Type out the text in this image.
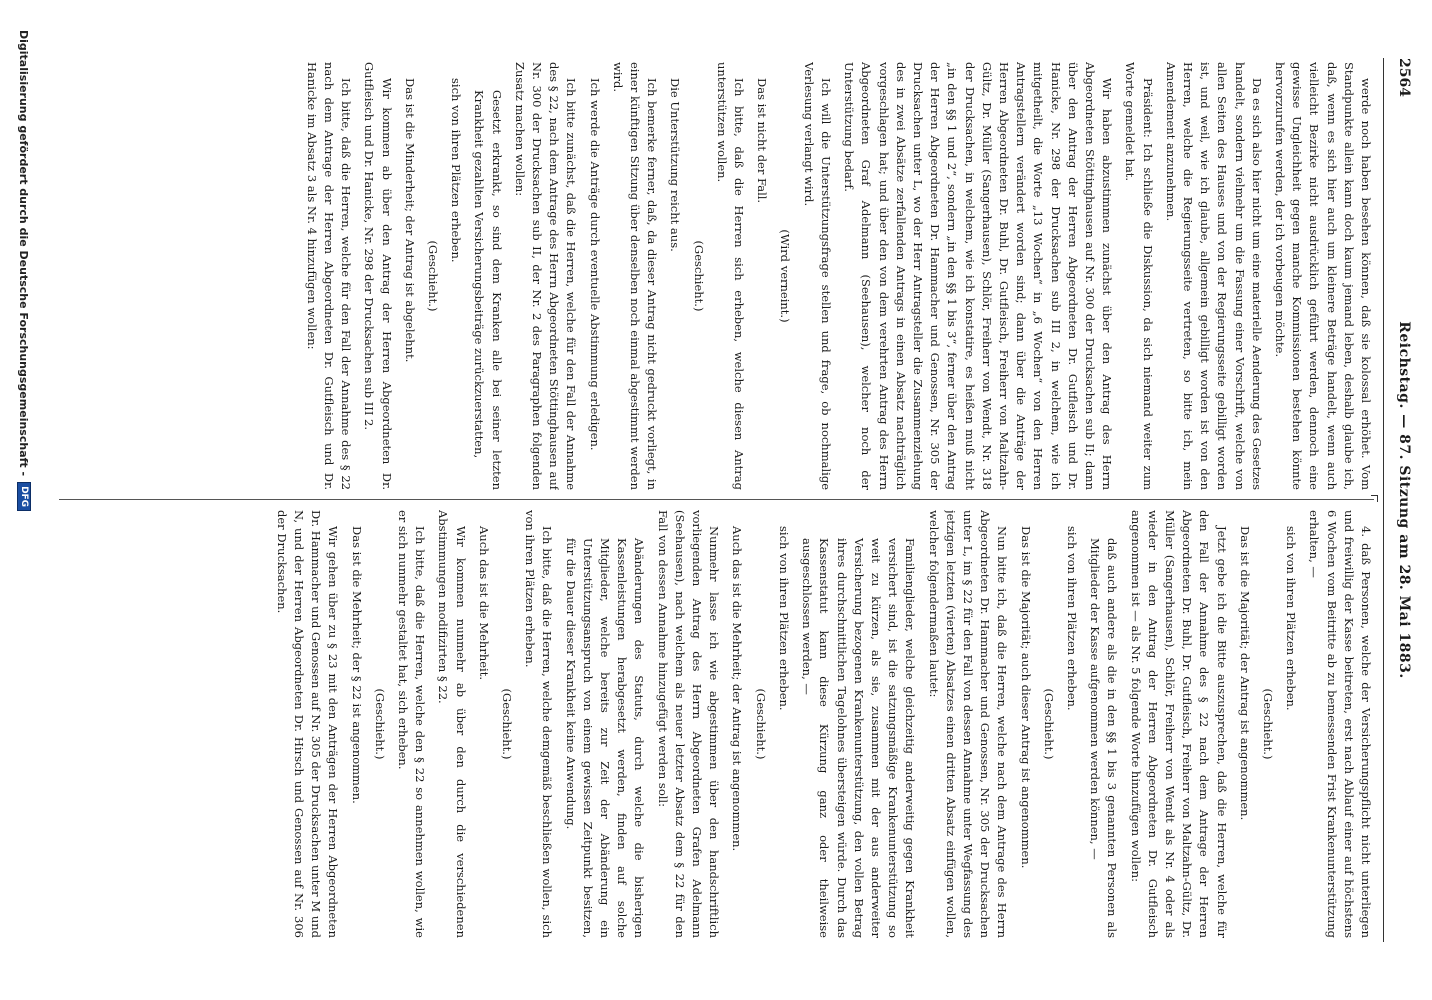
2564
Reichstag. — 87. Sitzung am 28. Mai 1883.

werde noch haben besehen können, daß sie kolossal erhöhet. Vom Standpunkte allein kann doch kaum jemand leben, deshalb glaube ich, daß, wenn es sich hier auch um kleinere Beträge handelt, wenn auch vielleicht Bezirke nicht ausdrücklich geführt werden, dennoch eine gewisse Ungleichheit gegen manche Kommissionen bestehen könnte hervorzurufen werden, der ich vorbeugen möchte.

Da es sich also hier nicht um eine materielle Aenderung des Gesetzes handelt, sondern vielmehr um die Fassung einer Vorschrift, welche von allen Seiten des Hauses und von der Regierungsseite gebilligt worden ist, und weil, wie ich glaube, allgemein gebilligt worden ist von den Herren, welche die Regierungsseite vertreten, so bitte ich, mein Amendement anzunehmen.

Präsident: Ich schließe die Diskussion, da sich niemand weiter zum Worte gemeldet hat.

Wir haben abzustimmen zunächst über den Antrag des Herrn Abgeordneten Stöttinghausen auf Nr. 300 der Drucksachen sub II; dann über den Antrag der Herren Abgeordneten Dr. Gutfleisch und Dr. Hanicke, Nr. 298 der Drucksachen sub III 2, in welchem, wie ich mitgetheilt, die Worte „13 Wochen“ in „6 Wochen“ von den Herren Antragstellern verändert worden sind; dann über die Anträge der Herren Abgeordneten Dr. Buhl, Dr. Gutfleisch, Freiherr von Maltzahn-Gültz, Dr. Müller (Sangerhausen), Schlör, Freiherr von Wendt, Nr. 318 der Drucksachen, in welchem, wie ich konstatire, es heißen muß nicht „in den §§ 1 und 2“, sondern „in den §§ 1 bis 3“, ferner über den Antrag der Herren Abgeordneten Dr. Hammacher und Genossen, Nr. 305 der Drucksachen unter L, wo der Herr Antragsteller die Zusammenziehung des in zwei Absätze zerfallenden Antrags in einen Absatz nachträglich vorgeschlagen hat; und über den von dem verehrten Antrag des Herrn Abgeordneten Graf Adelmann (Seehausen), welcher noch der Unterstützung bedarf.

Ich will die Unterstützungsfrage stellen und frage, ob nochmalige Verlesung verlangt wird.

(Wird verneint.)

Das ist nicht der Fall.

Ich bitte, daß die Herren sich erheben, welche diesen Antrag unterstützen wollen.

(Geschieht.)

Die Unterstützung reicht aus.

Ich bemerke ferner, daß, da dieser Antrag nicht gedruckt vorliegt, in einer künftigen Sitzung über denselben noch einmal abgestimmt werden wird.

Ich werde die Anträge durch eventuelle Abstimmung erledigen.

Ich bitte zunächst, daß die Herren, welche für den Fall der Annahme des § 22, nach dem Antrage des Herrn Abgeordneten Stöttinghausen auf Nr. 300 der Drucksachen sub II, der Nr. 2 des Paragraphen folgenden Zusatz machen wollen:

Gesetzt erkrankt, so sind dem Kranken alle bei seiner letzten Krankheit gezahlten Versicherungsbeiträge zurückzuerstatten,

sich von ihren Plätzen erheben.

(Geschieht.)

Das ist die Minderheit; der Antrag ist abgelehnt.

Wir kommen ab über den Antrag der Herren Abgeordneten Dr. Gutfleisch und Dr. Hanicke, Nr. 298 der Drucksachen sub III 2.

Ich bitte, daß die Herren, welche für den Fall der Annahme des § 22 nach dem Antrage der Herren Abgeordneten Dr. Gutfleisch und Dr. Hanicke im Absatz 3 als Nr. 4 hinzufügen wollen:

4. daß Personen, welche der Versicherungspflicht nicht unterliegen und freiwillig der Kasse beitreten, erst nach Ablauf einer auf höchstens 6 Wochen vom Beitritte ab zu bemessenden Frist Krankenunterstützung erhalten, —

sich von ihren Plätzen erheben.

(Geschieht.)

Das ist die Majorität; der Antrag ist angenommen.

Jetzt gebe ich die Bitte auszusprechen, daß die Herren, welche für den Fall der Annahme des § 22 nach dem Antrage der Herren Abgeordneten Dr. Buhl, Dr. Gutfleisch, Freiherr von Maltzahn-Gültz, Dr. Müller (Sangerhausen), Schlör, Freiherr von Wendt als Nr. 4 oder als wieder in den Antrag der Herren Abgeordneten Dr. Gutfleisch angenommen ist — als Nr. 5 folgende Worte hinzufügen wollen:

daß auch andere als die in den §§ 1 bis 3 genannten Personen als Mitglieder der Kasse aufgenommen werden können, —

sich von ihren Plätzen erheben.

(Geschieht.)

Das ist die Majorität; auch dieser Antrag ist angenommen.

Nun bitte ich, daß die Herren, welche nach dem Antrage des Herrn Abgeordneten Dr. Hammacher und Genossen, Nr. 305 der Drucksachen unter L, im § 22 für den Fall von dessen Annahme unter Wegfassung des jetzigen letzten (vierten) Absatzes einen dritten Absatz einfügen wollen, welcher folgendermaßen lautet:

Familienglieder, welche gleichzeitig anderweitig gegen Krankheit versichert sind, ist die satzungsmäßige Krankenunterstützung so weit zu kürzen, als sie, zusammen mit der aus anderweiter Versicherung bezogenen Krankenunterstützung, den vollen Betrag ihres durchschnittlichen Tagelohnes übersteigen würde. Durch das Kassenstatut kann diese Kürzung ganz oder theilweise ausgeschlossen werden, —

sich von ihren Plätzen erheben.

(Geschieht.)

Auch das ist die Mehrheit; der Antrag ist angenommen.

Nunmehr lasse ich wie abgestimmen über den handschriftlich vorliegenden Antrag des Herrn Abgeordneten Grafen Adelmann (Seehausen), nach welchem als neuer letzter Absatz dem § 22 für den Fall von dessen Annahme hinzugefügt werden soll:

Abänderungen des Statuts, durch welche die bisherigen Kassenleistungen herabgesetzt werden, finden auf solche Mitglieder, welche bereits zur Zeit der Abänderung ein Unterstützungsanspruch von einem gewissen Zeitpunkt besitzen, für die Dauer dieser Krankheit keine Anwendung.

Ich bitte, daß die Herren, welche demgemäß beschließen wollen, sich von ihren Plätzen erheben.

(Geschieht.)

Auch das ist die Mehrheit.

Wir kommen nunmehr ab über den durch die verschiedenen Abstimmungen modifizirten § 22.

Ich bitte, daß die Herren, welche den § 22 so annehmen wollen, wie er sich nunmehr gestaltet hat, sich erheben.

(Geschieht.)

Das ist die Mehrheit; der § 22 ist angenommen.

Wir gehen über zu § 23 mit den Anträgen der Herren Abgeordneten Dr. Hammacher und Genossen auf Nr. 305 der Drucksachen unter M und N, und der Herren Abgeordneten Dr. Hirsch und Genossen auf Nr. 306 der Drucksachen.

Digitalisierung gefördert durch die Deutsche Forschungsgemeinschaft -
DFG
